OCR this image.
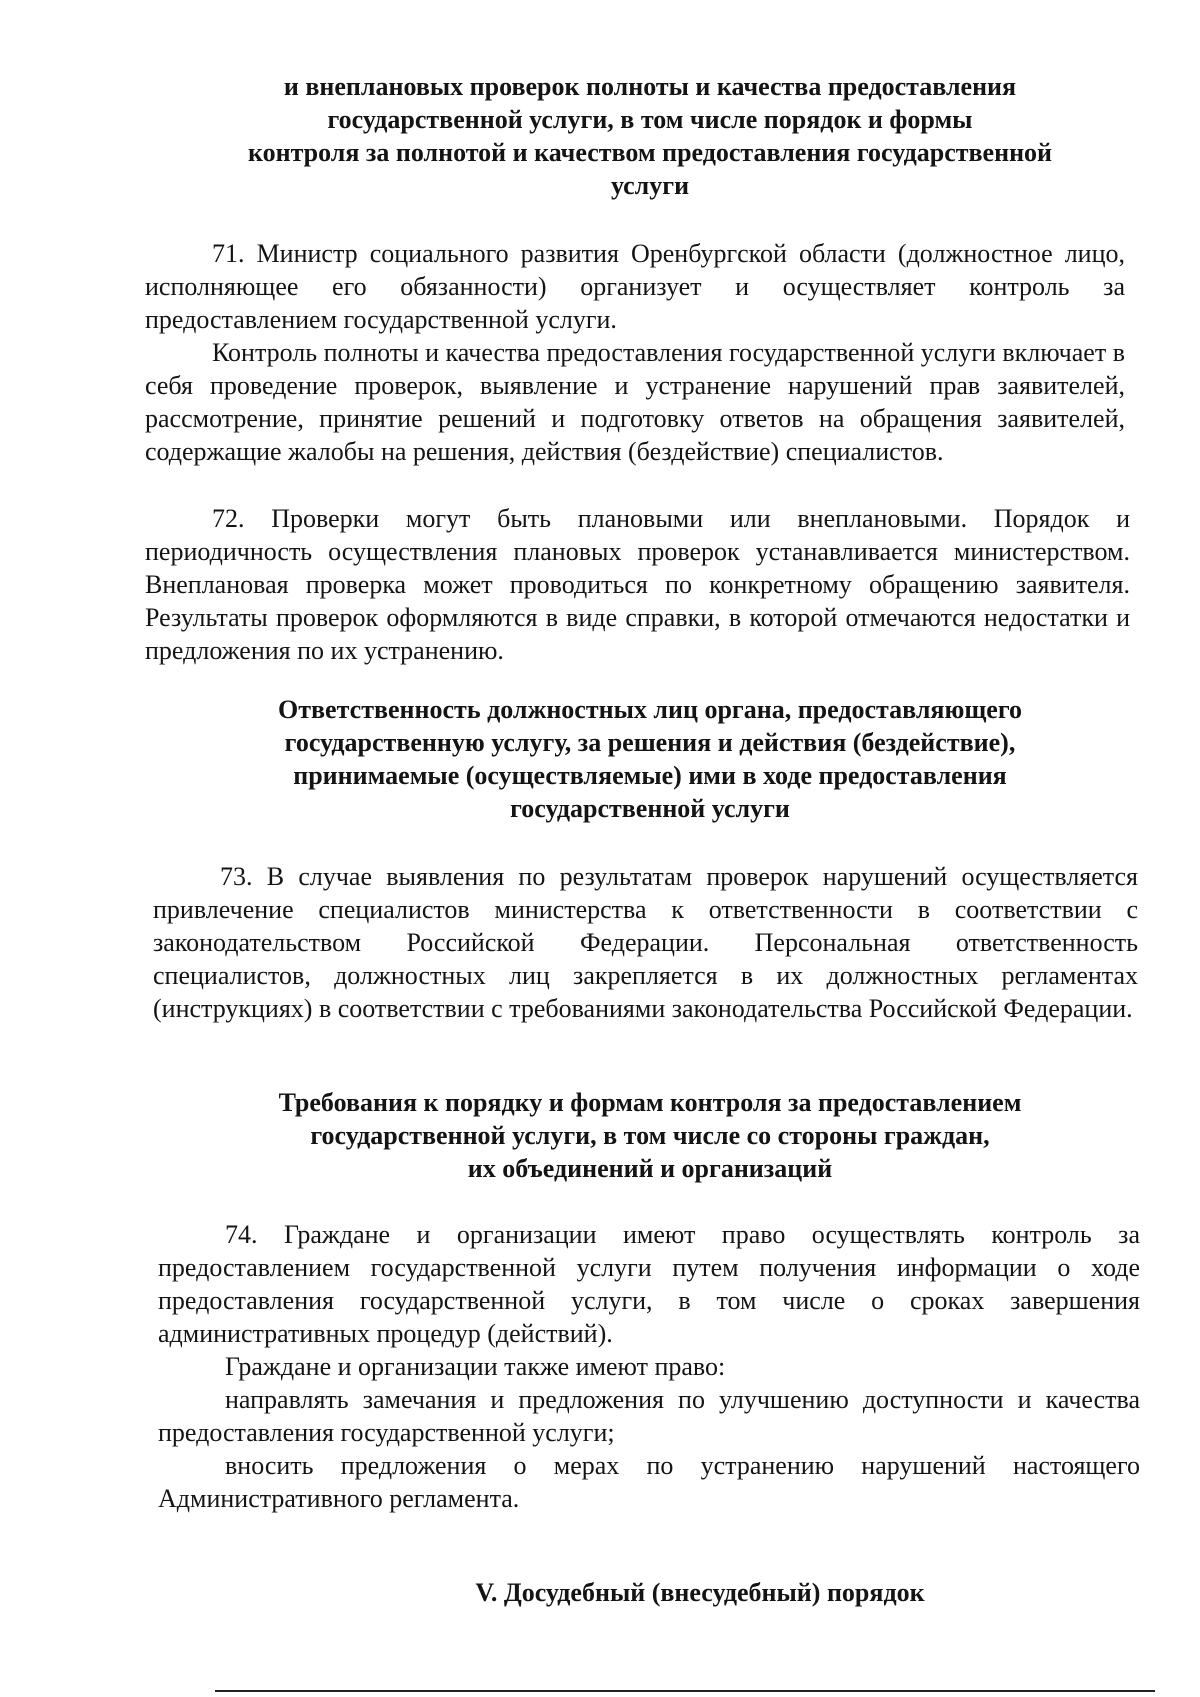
и внеплановых проверок полноты и качества предоставления
государственной услуги, в том числе порядок и формы
контроля за полнотой и качеством предоставления государственной
услуги

71. Министр социального развития Оренбургской области (должностное лицо, исполняющее его обязанности) организует и осуществляет контроль за предоставлением государственной услуги.

Контроль полноты и качества предоставления государственной услуги включает в себя проведение проверок, выявление и устранение нарушений прав заявителей, рассмотрение, принятие решений и подготовку ответов на обращения заявителей, содержащие жалобы на решения, действия (бездействие) специалистов.

72. Проверки могут быть плановыми или внеплановыми. Порядок и периодичность осуществления плановых проверок устанавливается министерством. Внеплановая проверка может проводиться по конкретному обращению заявителя. Результаты проверок оформляются в виде справки, в которой отмечаются недостатки и предложения по их устранению.

Ответственность должностных лиц органа, предоставляющего
государственную услугу, за решения и действия (бездействие),
принимаемые (осуществляемые) ими в ходе предоставления
государственной услуги

73. В случае выявления по результатам проверок нарушений осуществляется привлечение специалистов министерства к ответственности в соответствии с законодательством Российской Федерации. Персональная ответственность специалистов, должностных лиц закрепляется в их должностных регламентах (инструкциях) в соответствии с требованиями законодательства Российской Федерации.

Требования к порядку и формам контроля за предоставлением
государственной услуги, в том числе со стороны граждан,
их объединений и организаций

74. Граждане и организации имеют право осуществлять контроль за предоставлением государственной услуги путем получения информации о ходе предоставления государственной услуги, в том числе о сроках завершения административных процедур (действий).

Граждане и организации также имеют право:

направлять замечания и предложения по улучшению доступности и качества предоставления государственной услуги;

вносить предложения о мерах по устранению нарушений настоящего Административного регламента.

V. Досудебный (внесудебный) порядок
